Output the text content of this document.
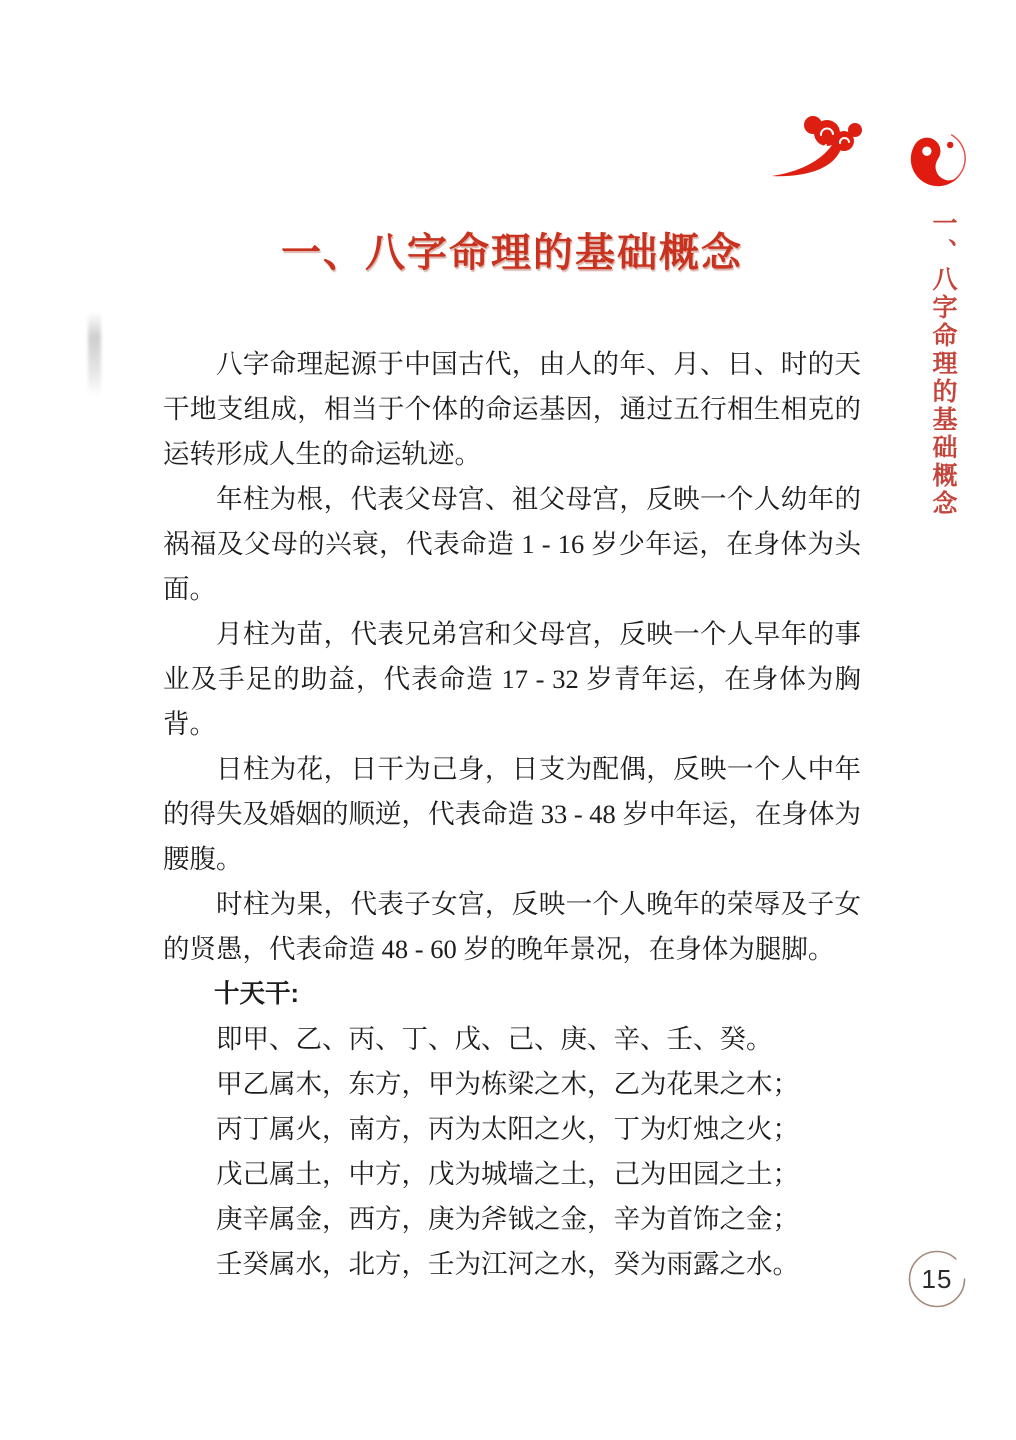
一、八字命理的基础概念	一、八字命理的基础概念

八字命理起源于中国古代，由人的年、月、日、时的天干地支组成，相当于个体的命运基因，通过五行相生相克的运转形成人生的命运轨迹。

年柱为根，代表父母宫、祖父母宫，反映一个人幼年的祸福及父母的兴衰，代表命造 1 - 16 岁少年运，在身体为头面。

月柱为苗，代表兄弟宫和父母宫，反映一个人早年的事业及手足的助益，代表命造 17 - 32 岁青年运，在身体为胸背。

日柱为花，日干为己身，日支为配偶，反映一个人中年的得失及婚姻的顺逆，代表命造 33 - 48 岁中年运，在身体为腰腹。

时柱为果，代表子女宫，反映一个人晚年的荣辱及子女的贤愚，代表命造 48 - 60 岁的晚年景况，在身体为腿脚。

十天干:

即甲、乙、丙、丁、戊、己、庚、辛、壬、癸。

甲乙属木，东方，甲为栋梁之木，乙为花果之木；

丙丁属火，南方，丙为太阳之火，丁为灯烛之火；

戊己属土，中方，戊为城墙之土，己为田园之土；

庚辛属金，西方，庚为斧钺之金，辛为首饰之金；

壬癸属水，北方，壬为江河之水，癸为雨露之水。	15
